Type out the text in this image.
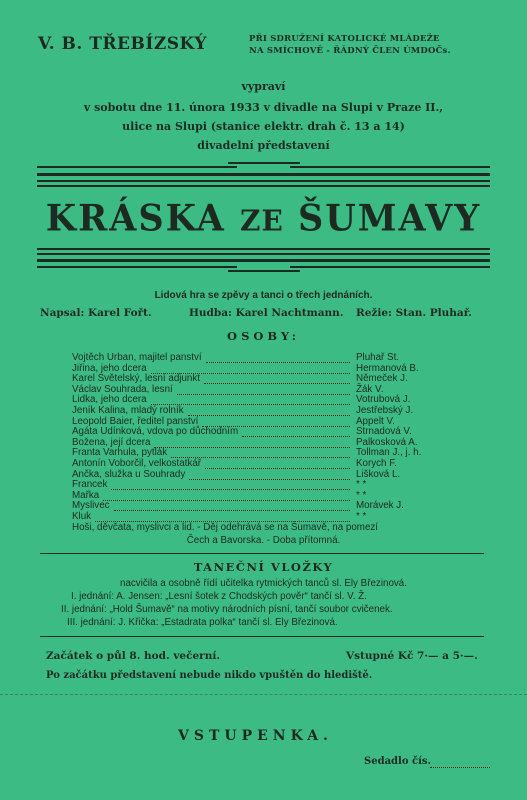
V. B. TŘEBÍZSKÝ	PŘI SDRUŽENÍ KATOLICKÉ MLÁDEŽE
NA SMÍCHOVĚ - ŘÁDNÝ ČLEN ÚMDOČs.
vypraví
v sobotu dne 11. února 1933 v divadle na Slupi v Praze II.,
ulice na Slupi (stanice elektr. drah č. 13 a 14)
divadelní představení
KRÁSKA ZE ŠUMAVY
Lidová hra se zpěvy a tanci o třech jednáních.
Napsal: Karel Fořt.	Hudba: Karel Nachtmann. Režie: Stan. Pluhař.
OSOBY:
Vojtěch Urban, majitel panství	Pluhař St.
Jiřina, jeho dcera	Hermanová B.
Karel Světelský, lesní adjunkt	Němeček J.
Václav Souhrada, lesní	Žák V.
Lidka, jeho dcera	Votrubová J.
Jeník Kalina, mladý rolník	Jestřebský J.
Leopold Baier, ředitel panství	Appelt V.
Agáta Udínková, vdova po důchodním	Strnadová V.
Božena, její dcera	Palkosková A.
Franta Varhula, pytlák	Tollman J., j. h.
Antonín Voborčil, velkostatkář	Korych F.
Ančka, služka u Souhrady	Lišková L.
Francek	* *
Mařka	* *
Myslivec	Morávek J.
Kluk	* *
Hoši, děvčata, myslivci a lid. - Děj odehrává se na Šumavě, na pomezí
Čech a Bavorska. - Doba přítomná.
TANEČNÍ VLOŽKY
nacvičila a osobně řídí učitelka rytmických tanců sl. Ely Březinová.
I. jednání: A. Jensen: „Lesní šotek z Chodských pověr“ tančí sl. V. Ž.
II. jednání: „Hold Šumavě“ na motivy národních písní, tančí soubor cvičenek.
III. jednání: J. Křička: „Estadrata polka“ tančí sl. Ely Březinová.
Začátek o půl 8. hod. večerní.	Vstupné Kč 7·— a 5·—.
Po začátku představení nebude nikdo vpuštěn do hlediště.
VSTUPENKA.
Sedadlo čís.
